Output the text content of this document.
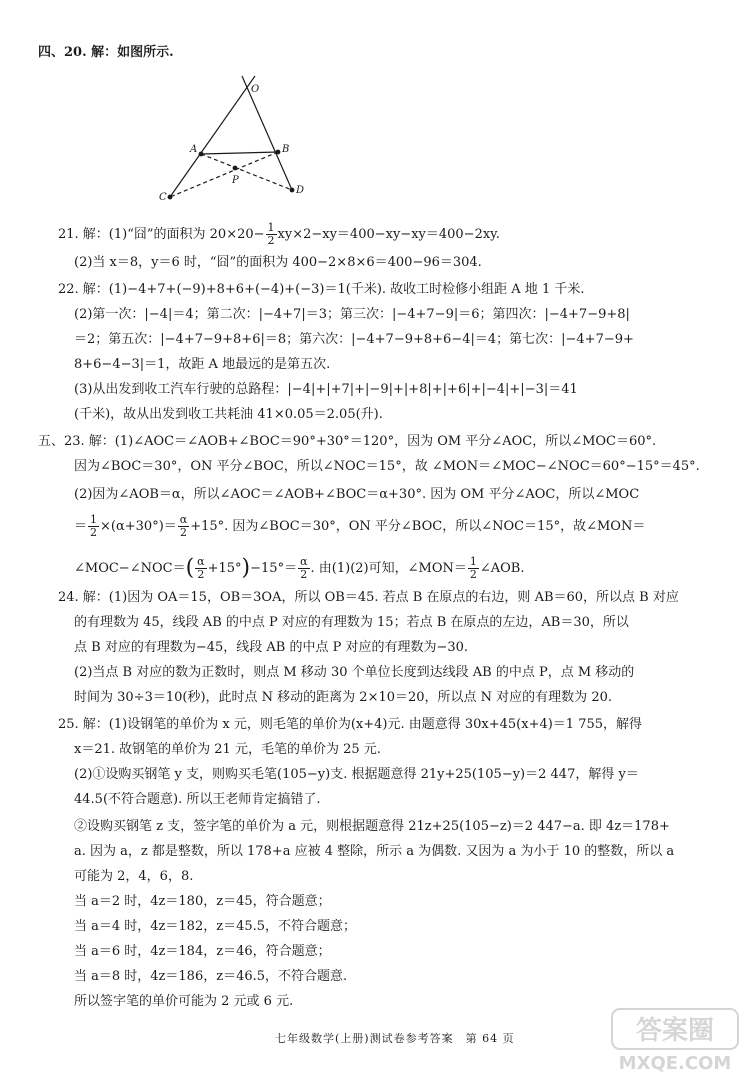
四、20. 解：如图所示.
O
A	B
P
C
D
21. 解：(1)“囧”的面积为 $20\times 20- \frac{1}{2} xy\times 2-xy=400-xy-xy=400-2xy$.
(2)当 x＝8，y＝6 时，“囧”的面积为 400−2×8×6＝400−96＝304.
22. 解：(1)−4+7+(−9)+8+6+(−4)+(−3)＝1(千米). 故收工时检修小组距 A 地 1 千米.
(2)第一次：|−4|＝4；第二次：|−4+7|＝3；第三次：|−4+7−9|＝6；第四次：|−4+7−9+8|
＝2；第五次：|−4+7−9+8+6|＝8；第六次：|−4+7−9+8+6−4|＝4；第七次：|−4+7−9+
8+6−4−3|＝1，故距 A 地最远的是第五次.
(3)从出发到收工汽车行驶的总路程：|−4|+|+7|+|−9|+|+8|+|+6|+|−4|+|−3|＝41
(千米)，故从出发到收工共耗油 41×0.05＝2.05(升).
五、23. 解：(1)∠AOC＝∠AOB+∠BOC＝90°+30°＝120°，因为 OM 平分∠AOC，所以∠MOC＝60°.
因为∠BOC＝30°，ON 平分∠BOC，所以∠NOC＝15°，故 ∠MON＝∠MOC−∠NOC＝60°−15°＝45°.
(2)因为∠AOB＝α，所以∠AOC＝∠AOB+∠BOC＝α+30°. 因为 OM 平分∠AOC，所以∠MOC
＝ $\frac{1}{2} \times(\alpha+30^\circ)= \frac{\alpha}{2} +15^\circ$. 因为∠BOC＝30°，ON 平分∠BOC，所以∠NOC＝15°，故∠MON＝
∠MOC−∠NOC＝( $\frac{\alpha}{2} +15^\circ)-15^\circ= \frac{\alpha}{2}$ . 由(1)(2)可知，∠MON＝ $\frac{1}{2}$ ∠AOB.
24. 解：(1)因为 OA＝15，OB＝3OA，所以 OB＝45. 若点 B 在原点的右边，则 AB＝60，所以点 B 对应
的有理数为 45，线段 AB 的中点 P 对应的有理数为 15；若点 B 在原点的左边，AB＝30，所以
点 B 对应的有理数为−45，线段 AB 的中点 P 对应的有理数为−30.
(2)当点 B 对应的数为正数时，则点 M 移动 30 个单位长度到达线段 AB 的中点 P，点 M 移动的
时间为 30÷3＝10(秒)，此时点 N 移动的距离为 2×10＝20，所以点 N 对应的有理数为 20.
25. 解：(1)设钢笔的单价为 x 元，则毛笔的单价为(x+4)元. 由题意得 30x+45(x+4)＝1 755，解得
x＝21. 故钢笔的单价为 21 元，毛笔的单价为 25 元.
(2)①设购买钢笔 y 支，则购买毛笔(105−y)支. 根据题意得 21y+25(105−y)＝2 447，解得 y＝
44.5(不符合题意). 所以王老师肯定搞错了.
②设购买钢笔 z 支，签字笔的单价为 a 元，则根据题意得 21z+25(105−z)＝2 447−a. 即 4z＝178+
a. 因为 a，z 都是整数，所以 178+a 应被 4 整除，所示 a 为偶数. 又因为 a 为小于 10 的整数，所以 a
可能为 2，4，6，8.
当 a＝2 时，4z＝180，z＝45，符合题意；
当 a＝4 时，4z＝182，z＝45.5，不符合题意；
当 a＝6 时，4z＝184，z＝46，符合题意；
当 a＝8 时，4z＝186，z＝46.5，不符合题意.
所以签字笔的单价可能为 2 元或 6 元.
七年级数学(上册)测试卷参考答案　第 64 页	答案圈
MXQE.COM
